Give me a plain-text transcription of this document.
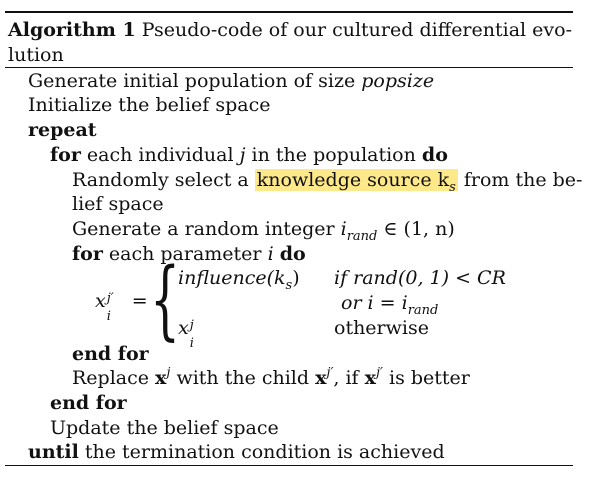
Algorithm 1 Pseudo-code of our cultured differential evo-
lution
Generate initial population of size popsize
Initialize the belief space
repeat
for each individual j in the population do
Randomly select a knowledge source $k_s$ from the be-
lief space
Generate a random integer $i_{rand}$ ∈ (1, n)
for each parameter i do
x j′
i
= {
$influence(k_s)$ if rand(0, 1) < CR
or $i = i_{rand}$
x j
i
otherwise
end for
Replace $x^j$ with the child $x^{j'}$, if $x^{j'}$ is better
end for
Update the belief space
until the termination condition is achieved
